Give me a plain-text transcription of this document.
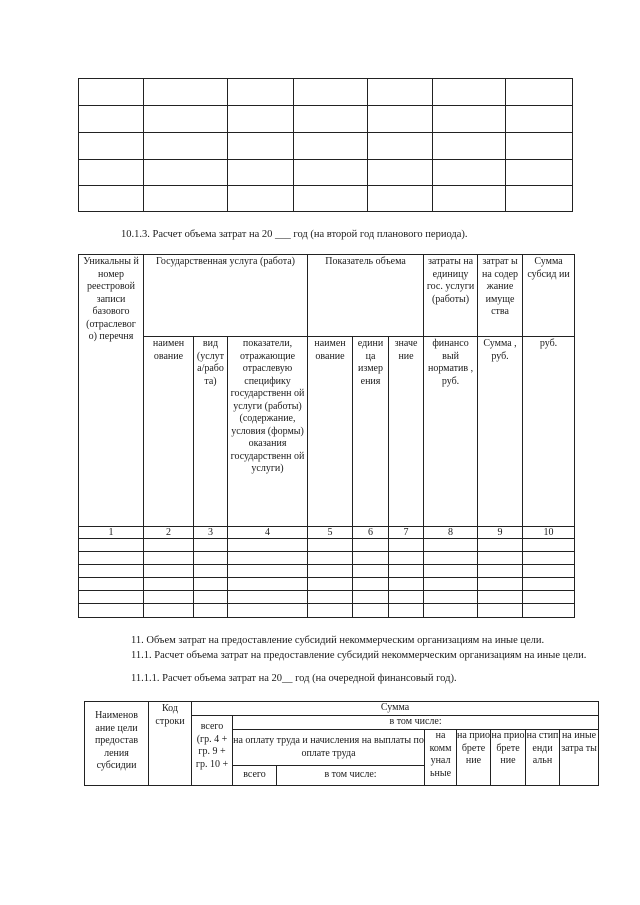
10.1.3. Расчет объема затрат на 20 ___ год (на второй год планового периода).
Уникальны й номер реестровой записи базового (отраслевог о) перечня	Государственная услуга (работа)			Показатель объема			затраты на единицу гос. услуги (работы)	затрат ы на содер жание имуще ства	Сумма субсид ии
	наимен ование	вид (услут а/рабо та)	показатели, отражающие отраслевую специфику государственн ой услуги (работы) (содержание, условия (формы) оказания государственн ой услуги)	наимен ование	едини ца измер ения	значе ние	финансо вый норматив , руб.	Сумма , руб.	руб.
1	2	3	4	5	6	7	8	9	10

11. Объем затрат на предоставление субсидий некоммерческим организациям на иные цели.
11.1. Расчет объема затрат на предоставление субсидий некоммерческим организациям на иные цели.
11.1.1. Расчет объема затрат на 20__ год (на очередной финансовый год).
Наименов ание цели предостав ления субсидии	Код строки	Сумма							
		всего (гр. 4 + гр. 9 + гр. 10 +	в том числе:						
			на оплату труда и начисления на выплаты по оплате труда		на комм унал ьные	на прио брете ние	на прио брете ние	на стип енди альн	на иные затра ты
			всего	в том числе:					
